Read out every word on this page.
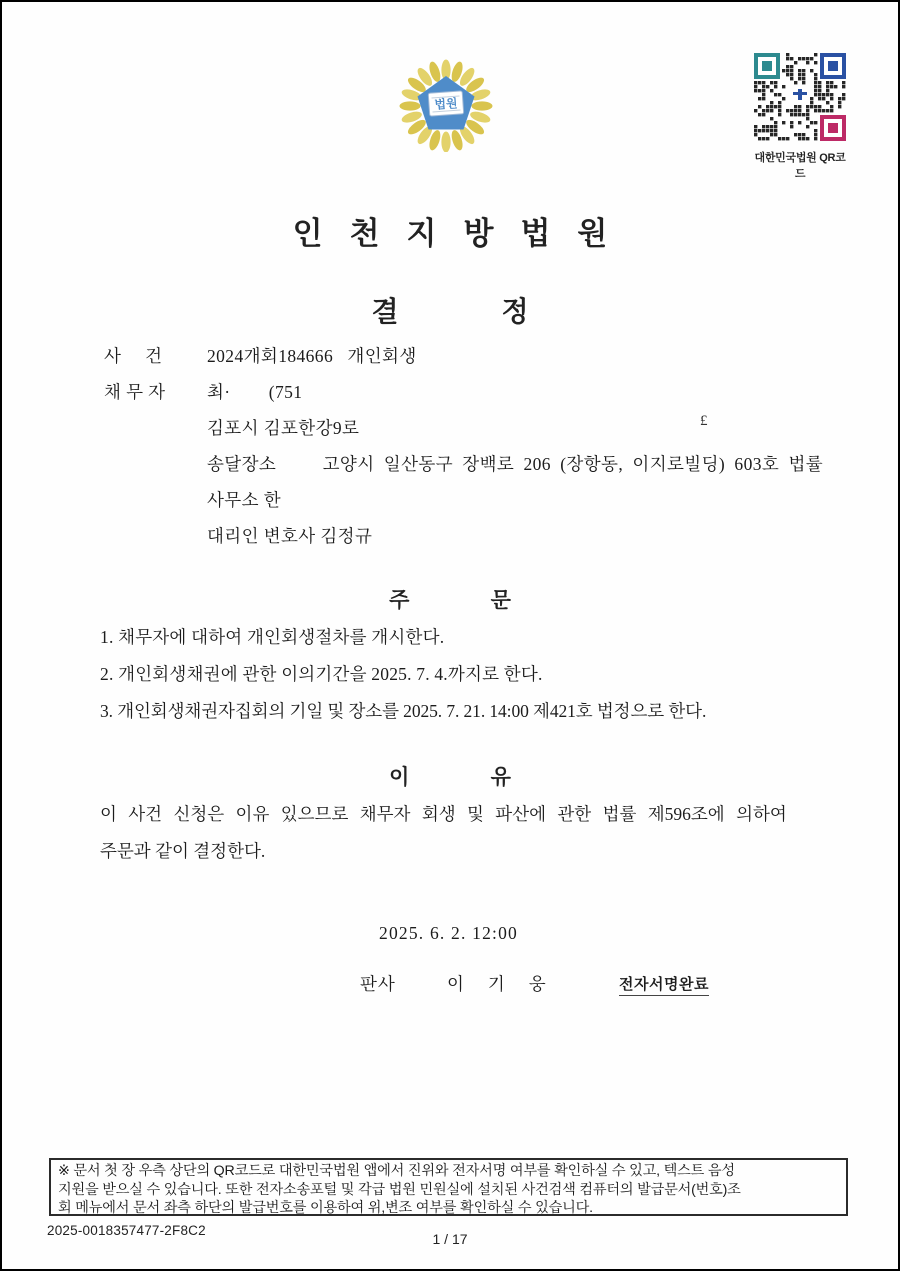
법원
대한민국법원 QR코드
인천지방법원
결 정
사     건	2024개회184666   개인회생
채 무 자 최·        (751
김포시 김포한강9로	£
송달장소     고양시 일산동구 장백로 206 (장항동, 이지로빌딩) 603호 법률
사무소 한
대리인 변호사 김정규
주 문
1. 채무자에 대하여 개인회생절차를 개시한다.
2. 개인회생채권에 관한 이의기간을 2025. 7. 4.까지로 한다.
3. 개인회생채권자집회의 기일 및 장소를 2025. 7. 21. 14:00 제421호 법정으로 한다.
이 유
이 사건 신청은 이유 있으므로 채무자 회생 및 파산에 관한 법률 제596조에 의하여
주문과 같이 결정한다.
2025. 6. 2. 12:00
판사	이기웅	전자서명완료
※ 문서 첫 장 우측 상단의 QR코드로 대한민국법원 앱에서 진위와 전자서명 여부를 확인하실 수 있고, 텍스트 음성
지원을 받으실 수 있습니다. 또한 전자소송포털 및 각급 법원 민원실에 설치된 사건검색 컴퓨터의 발급문서(번호)조
회 메뉴에서 문서 좌측 하단의 발급번호를 이용하여 위,변조 여부를 확인하실 수 있습니다.
2025-0018357477-2F8C2
1 / 17
